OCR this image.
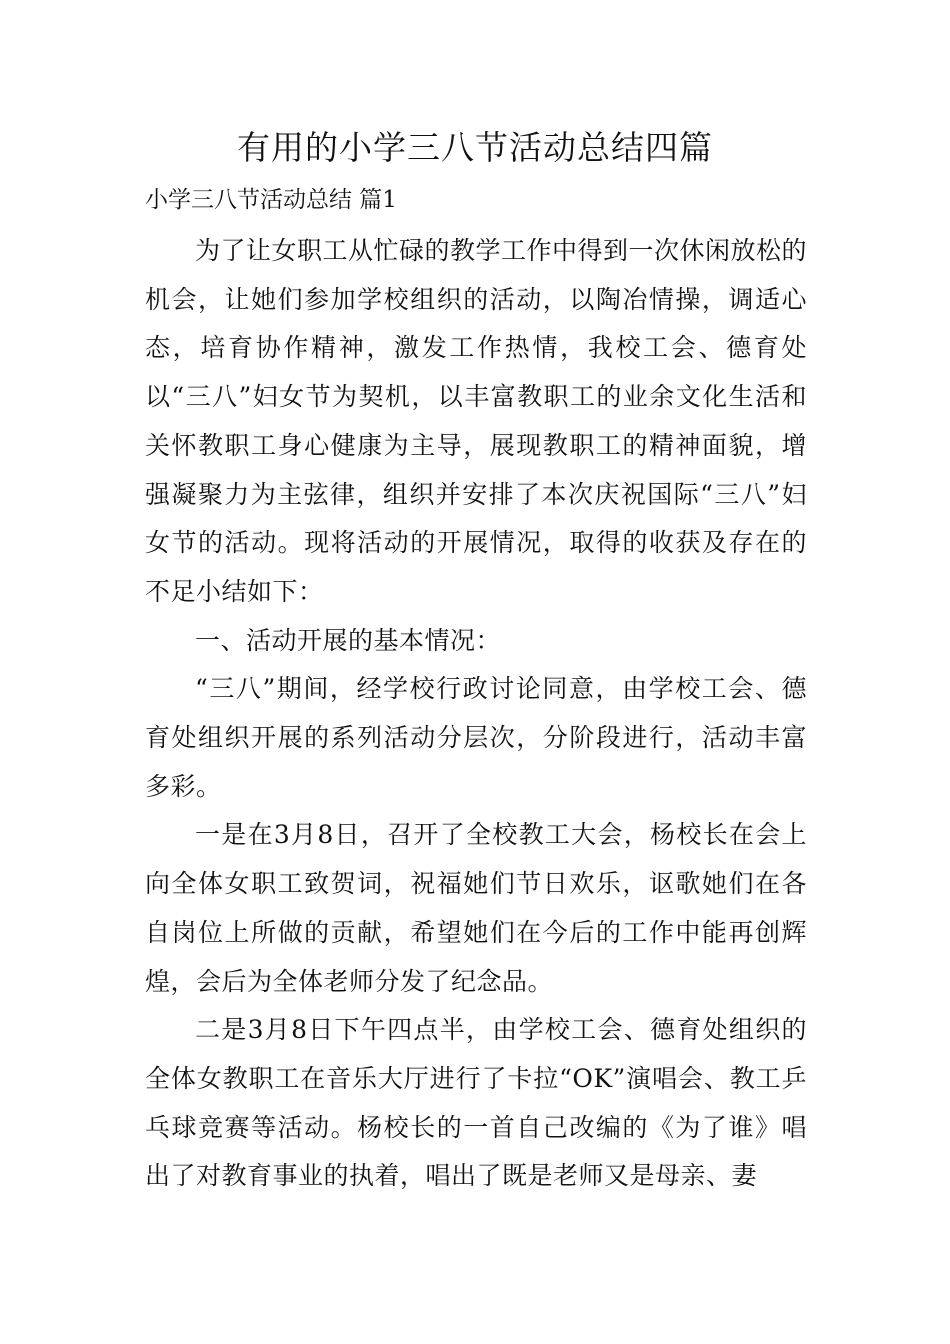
有用的小学三八节活动总结四篇
小学三八节活动总结 篇1

为了让女职工从忙碌的教学工作中得到一次休闲放松的机会，让她们参加学校组织的活动，以陶冶情操，调适心态，培育协作精神，激发工作热情，我校工会、德育处以“三八”妇女节为契机，以丰富教职工的业余文化生活和关怀教职工身心健康为主导，展现教职工的精神面貌，增强凝聚力为主弦律，组织并安排了本次庆祝国际“三八”妇女节的活动。现将活动的开展情况，取得的收获及存在的不足小结如下：

一、活动开展的基本情况：

“三八”期间，经学校行政讨论同意，由学校工会、德育处组织开展的系列活动分层次，分阶段进行，活动丰富多彩。

一是在3月8日，召开了全校教工大会，杨校长在会上向全体女职工致贺词，祝福她们节日欢乐，讴歌她们在各自岗位上所做的贡献，希望她们在今后的工作中能再创辉煌，会后为全体老师分发了纪念品。

二是3月8日下午四点半，由学校工会、德育处组织的全体女教职工在音乐大厅进行了卡拉“OK”演唱会、教工乒乓球竞赛等活动。杨校长的一首自己改编的《为了谁》唱出了对教育事业的执着，唱出了既是老师又是母亲、妻
